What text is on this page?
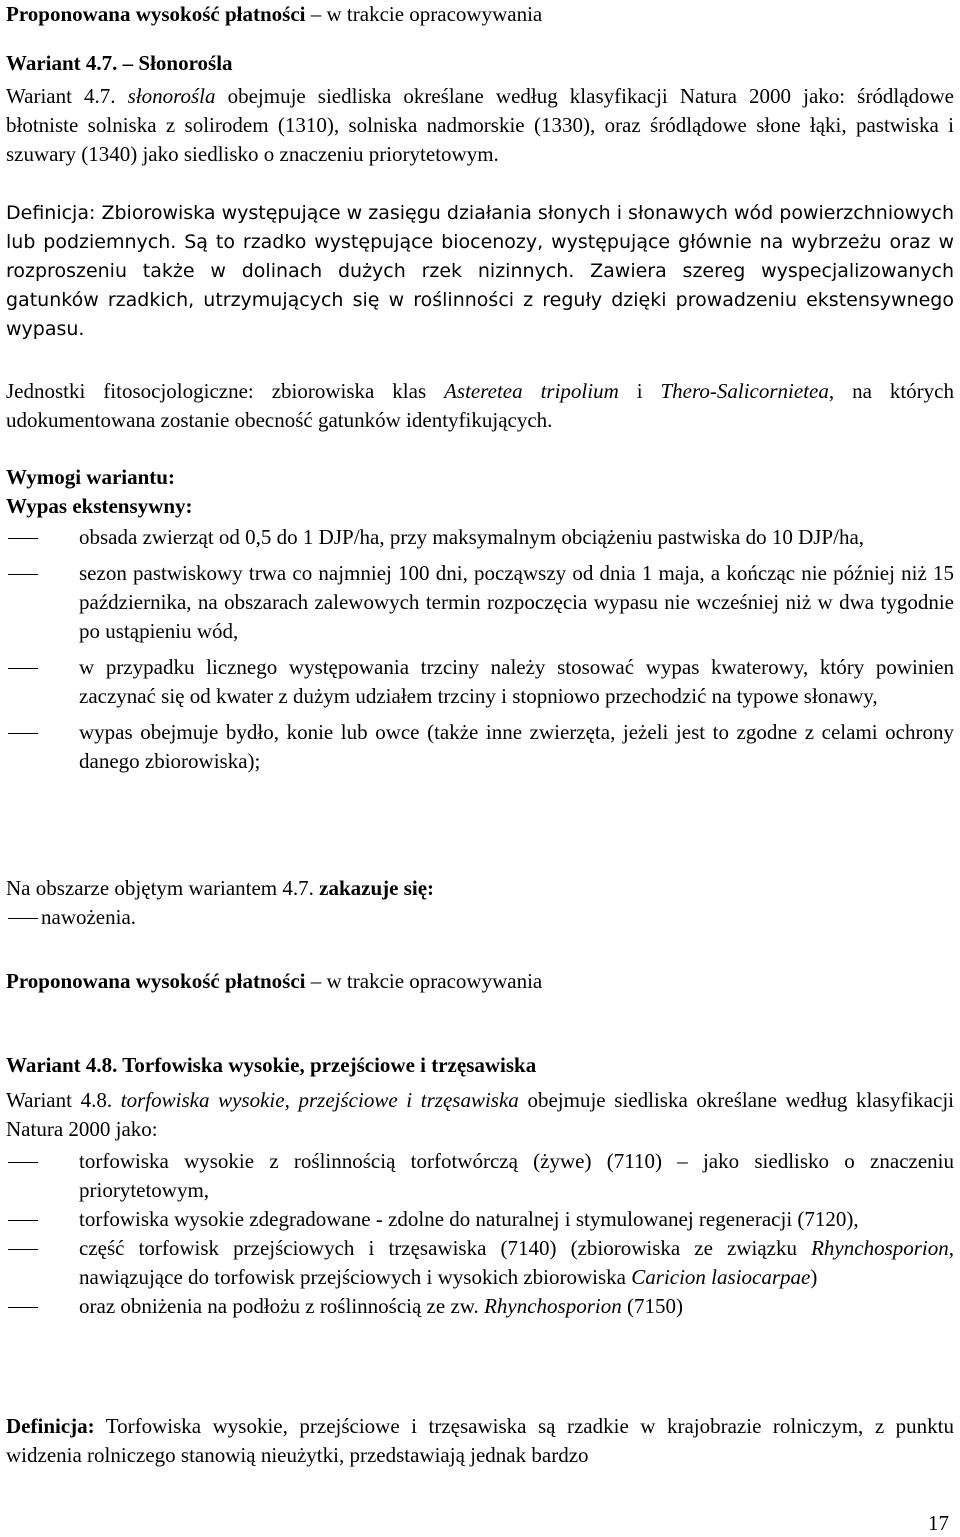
Proponowana wysokość płatności – w trakcie opracowywania

Wariant 4.7. – Słonorośla

Wariant 4.7. słonorośla obejmuje siedliska określane według klasyfikacji Natura 2000 jako: śródlądowe błotniste solniska z solirodem (1310), solniska nadmorskie (1330), oraz śródlądowe słone łąki, pastwiska i szuwary (1340) jako siedlisko o znaczeniu priorytetowym.

Definicja: Zbiorowiska występujące w zasięgu działania słonych i słonawych wód powierzchniowych lub podziemnych. Są to rzadko występujące biocenozy, występujące głównie na wybrzeżu oraz w rozproszeniu także w dolinach dużych rzek nizinnych. Zawiera szereg wyspecjalizowanych gatunków rzadkich, utrzymujących się w roślinności z reguły dzięki prowadzeniu ekstensywnego wypasu.

Jednostki fitosocjologiczne: zbiorowiska klas Asteretea tripolium i Thero-Salicornietea, na których udokumentowana zostanie obecność gatunków identyfikujących.

Wymogi wariantu:

Wypas ekstensywny:

obsada zwierząt od 0,5 do 1 DJP/ha, przy maksymalnym obciążeniu pastwiska do 10 DJP/ha,
sezon pastwiskowy trwa co najmniej 100 dni, począwszy od dnia 1 maja, a kończąc nie później niż 15 października, na obszarach zalewowych termin rozpoczęcia wypasu nie wcześniej niż w dwa tygodnie po ustąpieniu wód,
w przypadku licznego występowania trzciny należy stosować wypas kwaterowy, który powinien zaczynać się od kwater z dużym udziałem trzciny i stopniowo przechodzić na typowe słonawy,
wypas obejmuje bydło, konie lub owce (także inne zwierzęta, jeżeli jest to zgodne z celami ochrony danego zbiorowiska);

Na obszarze objętym wariantem 4.7. zakazuje się:

nawożenia.

Proponowana wysokość płatności – w trakcie opracowywania

Wariant 4.8. Torfowiska wysokie, przejściowe i trzęsawiska

Wariant 4.8. torfowiska wysokie, przejściowe i trzęsawiska obejmuje siedliska określane według klasyfikacji Natura 2000 jako:

torfowiska wysokie z roślinnością torfotwórczą (żywe) (7110) – jako siedlisko o znaczeniu priorytetowym,
torfowiska wysokie zdegradowane - zdolne do naturalnej i stymulowanej regeneracji (7120),
część torfowisk przejściowych i trzęsawiska (7140) (zbiorowiska ze związku Rhynchosporion, nawiązujące do torfowisk przejściowych i wysokich zbiorowiska Caricion lasiocarpae)
oraz obniżenia na podłożu z roślinnością ze zw. Rhynchosporion (7150)

Definicja: Torfowiska wysokie, przejściowe i trzęsawiska są rzadkie w krajobrazie rolniczym, z punktu widzenia rolniczego stanowią nieużytki, przedstawiają jednak bardzo

17
